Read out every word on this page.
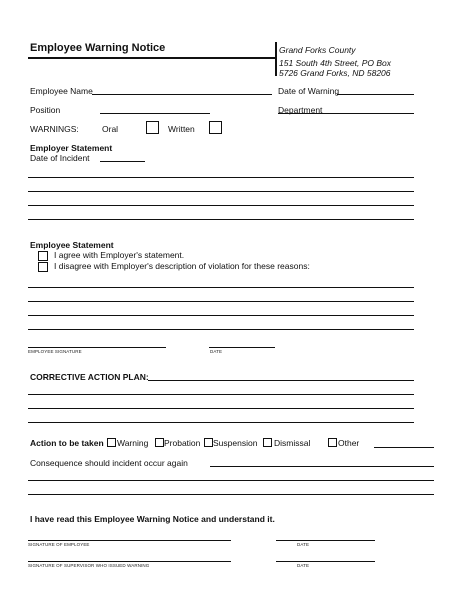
Employee Warning Notice	Grand Forks County
151 South 4th Street, PO Box
5726 Grand Forks, ND 58206
Employee Name	Date of Warning
Position	Department
WARNINGS:	Oral	Written
Employer Statement
Date of Incident
Employee Statement
I agree with Employer's statement.
I disagree with Employer's description of violation for these reasons:
EMPLOYEE SIGNATURE	DATE
CORRECTIVE ACTION PLAN:
Action to be taken Warning Probation Suspension Dismissal	Other
Consequence should incident occur again
I have read this Employee Warning Notice and understand it.
SIGNATURE OF EMPLOYEE	DATE
SIGNATURE OF SUPERVISOR WHO ISSUED WARNING	DATE
